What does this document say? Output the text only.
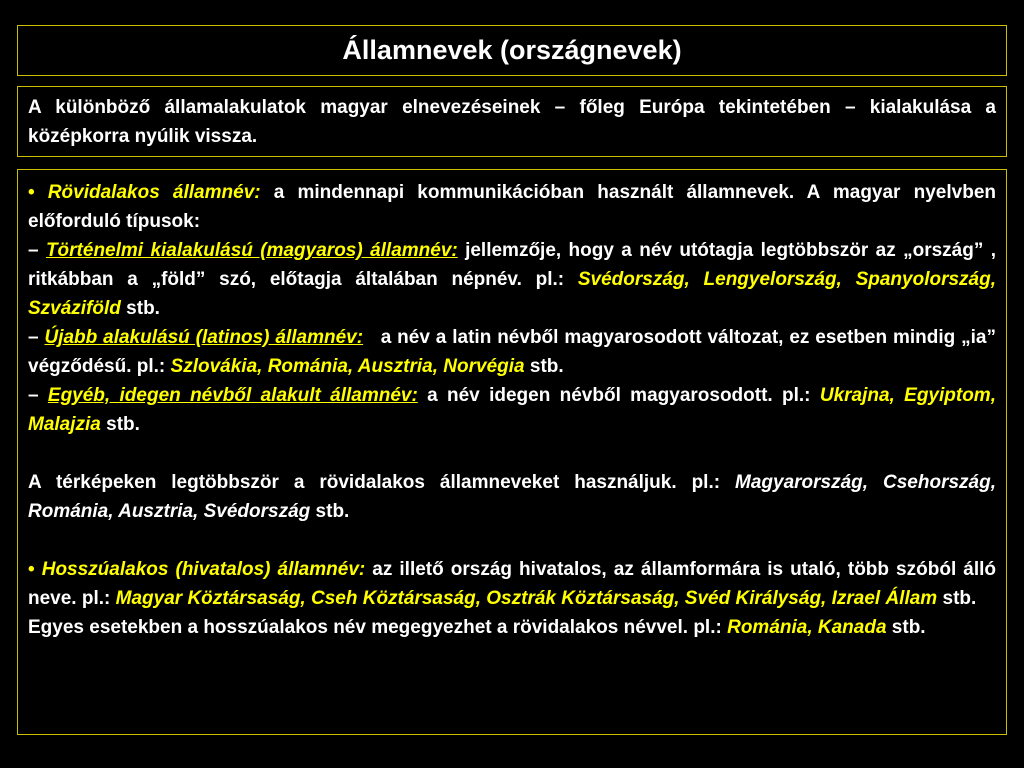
Államnevek (országnevek)

A különböző államalakulatok magyar elnevezéseinek – főleg Európa tekintetében – kialakulása a középkorra nyúlik vissza.

• Rövidalakos államnév: a mindennapi kommunikációban használt államnevek. A magyar nyelvben előforduló típusok:

– Történelmi kialakulású (magyaros) államnév: jellemzője, hogy a név utótagja legtöbbször az „ország” , ritkábban a „föld” szó, előtagja általában népnév. pl.: Svédország, Lengyelország, Spanyolország, Szváziföld stb.

– Újabb alakulású (latinos) államnév:   a név a latin névből magyarosodott változat, ez esetben mindig „ia” végződésű. pl.: Szlovákia, Románia, Ausztria, Norvégia stb.

– Egyéb, idegen névből alakult államnév: a név idegen névből magyarosodott. pl.: Ukrajna, Egyiptom, Malajzia stb.

A térképeken legtöbbször a rövidalakos államneveket használjuk. pl.: Magyarország, Csehország, Románia, Ausztria, Svédország stb.

• Hosszúalakos (hivatalos) államnév: az illető ország hivatalos, az államformára is utaló, több szóból álló neve. pl.: Magyar Köztársaság, Cseh Köztársaság, Osztrák Köztársaság, Svéd Királyság, Izrael Állam stb.

Egyes esetekben a hosszúalakos név megegyezhet a rövidalakos névvel. pl.: Románia, Kanada stb.
